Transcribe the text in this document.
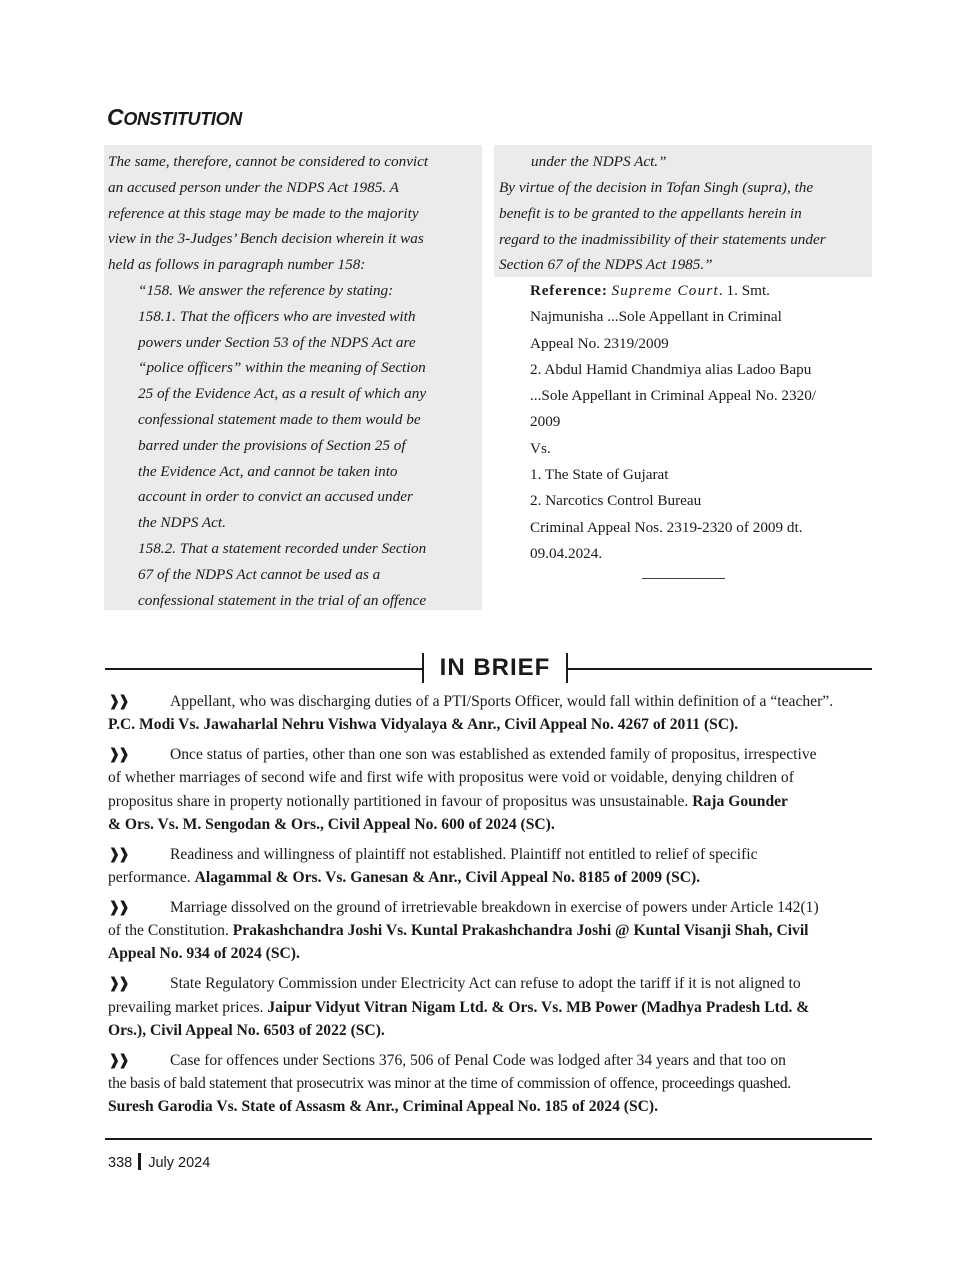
CONSTITUTION
The same, therefore, cannot be considered to convict
an accused person under the NDPS Act 1985. A
reference at this stage may be made to the majority
view in the 3-Judges’ Bench decision wherein it was
held as follows in paragraph number 158:
“158. We answer the reference by stating:
158.1. That the officers who are invested with
powers under Section 53 of the NDPS Act are
“police officers” within the meaning of Section
25 of the Evidence Act, as a result of which any
confessional statement made to them would be
barred under the provisions of Section 25 of
the Evidence Act, and cannot be taken into
account in order to convict an accused under
the NDPS Act.
158.2. That a statement recorded under Section
67 of the NDPS Act cannot be used as a
confessional statement in the trial of an offence
under the NDPS Act.”
By virtue of the decision in Tofan Singh (supra), the
benefit is to be granted to the appellants herein in
regard to the inadmissibility of their statements under
Section 67 of the NDPS Act 1985.”
Reference: Supreme Court. 1. Smt.
Najmunisha ...Sole Appellant in Criminal
Appeal No. 2319/2009
2. Abdul Hamid Chandmiya alias Ladoo Bapu
...Sole Appellant in Criminal Appeal No. 2320/
2009
Vs.
1. The State of Gujarat
2. Narcotics Control Bureau
Criminal Appeal Nos. 2319-2320 of 2009 dt.
09.04.2024.
IN BRIEF
❱❱	Appellant, who was discharging duties of a PTI/Sports Officer, would fall within definition of a “teacher”.
P.C. Modi Vs. Jawaharlal Nehru Vishwa Vidyalaya & Anr., Civil Appeal No. 4267 of 2011 (SC).
❱❱	Once status of parties, other than one son was established as extended family of propositus, irrespective
of whether marriages of second wife and first wife with propositus were void or voidable, denying children of
propositus share in property notionally partitioned in favour of propositus was unsustainable. Raja Gounder
& Ors. Vs. M. Sengodan & Ors., Civil Appeal No. 600 of 2024 (SC).
❱❱	Readiness and willingness of plaintiff not established. Plaintiff not entitled to relief of specific
performance. Alagammal & Ors. Vs. Ganesan & Anr., Civil Appeal No. 8185 of 2009 (SC).
❱❱	Marriage dissolved on the ground of irretrievable breakdown in exercise of powers under Article 142(1)
of the Constitution. Prakashchandra Joshi Vs. Kuntal Prakashchandra Joshi @ Kuntal Visanji Shah, Civil
Appeal No. 934 of 2024 (SC).
❱❱	State Regulatory Commission under Electricity Act can refuse to adopt the tariff if it is not aligned to
prevailing market prices. Jaipur Vidyut Vitran Nigam Ltd. & Ors. Vs. MB Power (Madhya Pradesh Ltd. &
Ors.), Civil Appeal No. 6503 of 2022 (SC).
❱❱	Case for offences under Sections 376, 506 of Penal Code was lodged after 34 years and that too on
the basis of bald statement that prosecutrix was minor at the time of commission of offence, proceedings quashed.
Suresh Garodia Vs. State of Assasm & Anr., Criminal Appeal No. 185 of 2024 (SC).
338 July 2024
